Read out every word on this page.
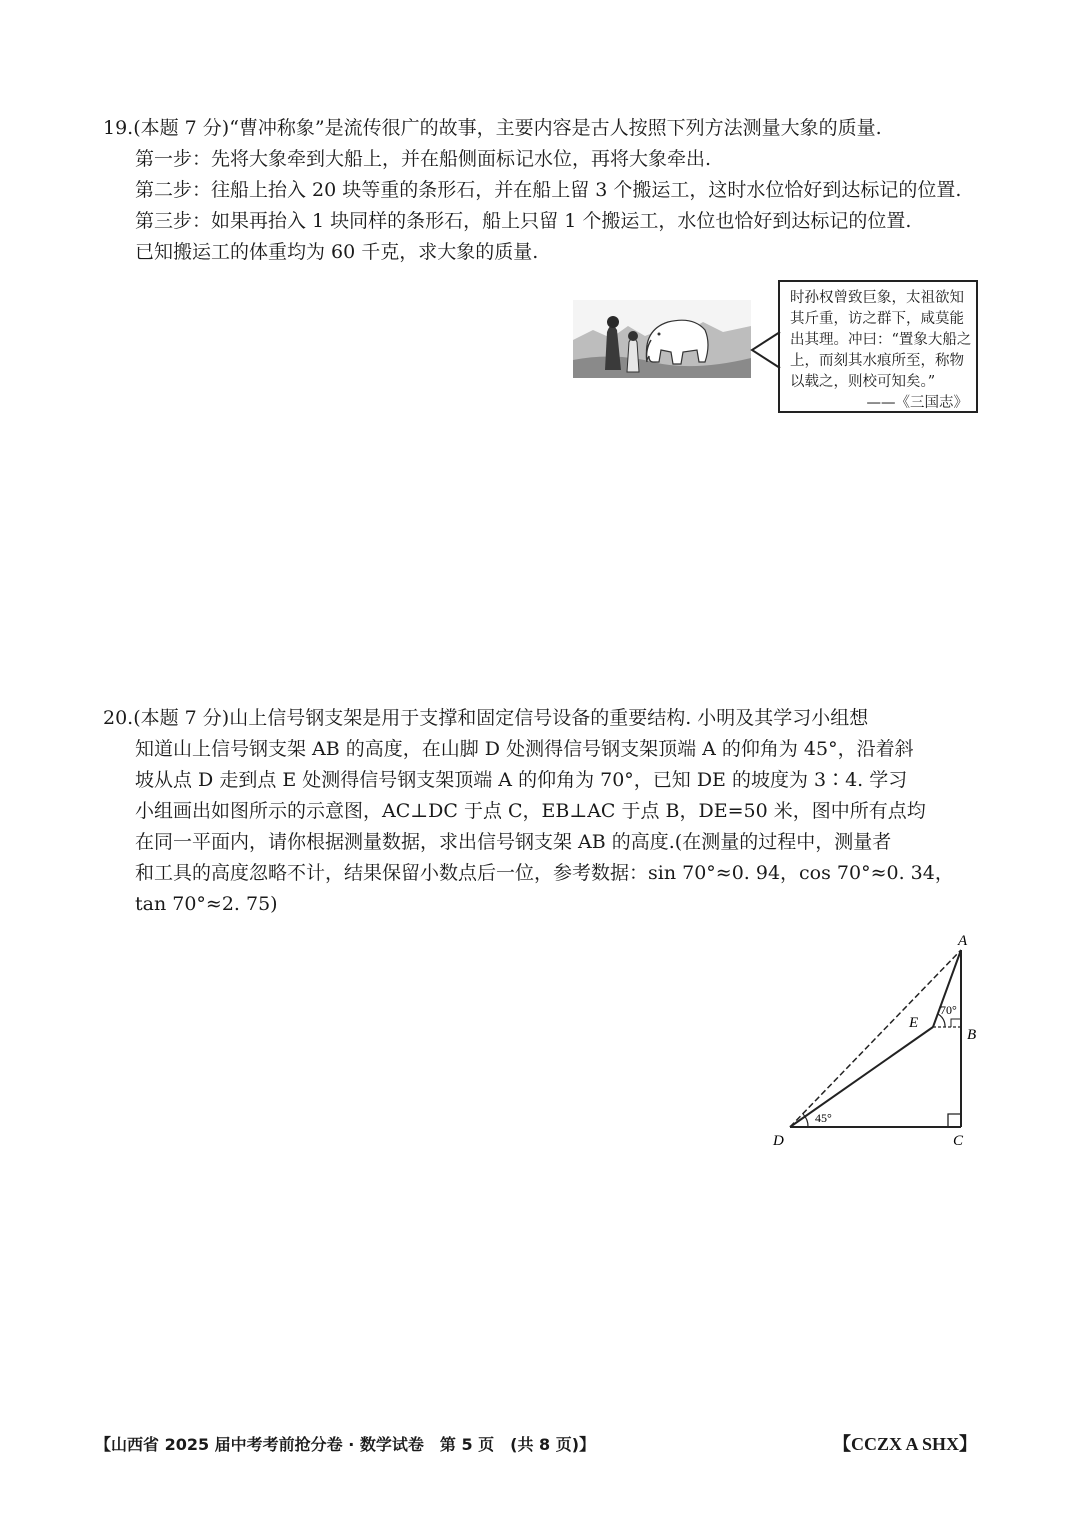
19.(本题 7 分)“曹冲称象”是流传很广的故事，主要内容是古人按照下列方法测量大象的质量.
第一步：先将大象牵到大船上，并在船侧面标记水位，再将大象牵出.
第二步：往船上抬入 20 块等重的条形石，并在船上留 3 个搬运工，这时水位恰好到达标记的位置.
第三步：如果再抬入 1 块同样的条形石，船上只留 1 个搬运工，水位也恰好到达标记的位置.
已知搬运工的体重均为 60 千克，求大象的质量.
时孙权曾致巨象，太祖欲知
其斤重，访之群下，咸莫能
出其理。冲曰：“置象大船之
上，而刻其水痕所至，称物
以载之，则校可知矣。”
——《三国志》
20.(本题 7 分)山上信号钢支架是用于支撑和固定信号设备的重要结构. 小明及其学习小组想
知道山上信号钢支架 AB 的高度，在山脚 D 处测得信号钢支架顶端 A 的仰角为 45°，沿着斜
坡从点 D 走到点 E 处测得信号钢支架顶端 A 的仰角为 70°，已知 DE 的坡度为 3∶4. 学习
小组画出如图所示的示意图，AC⊥DC 于点 C，EB⊥AC 于点 B，DE=50 米，图中所有点均
在同一平面内，请你根据测量数据，求出信号钢支架 AB 的高度.(在测量的过程中，测量者
和工具的高度忽略不计，结果保留小数点后一位，参考数据：sin 70°≈0. 94，cos 70°≈0. 34，
tan 70°≈2. 75)
A
B
C
D
E
45°
70°
【山西省 2025 届中考考前抢分卷 · 数学试卷　第 5 页　(共 8 页)】	【CCZX A SHX】
